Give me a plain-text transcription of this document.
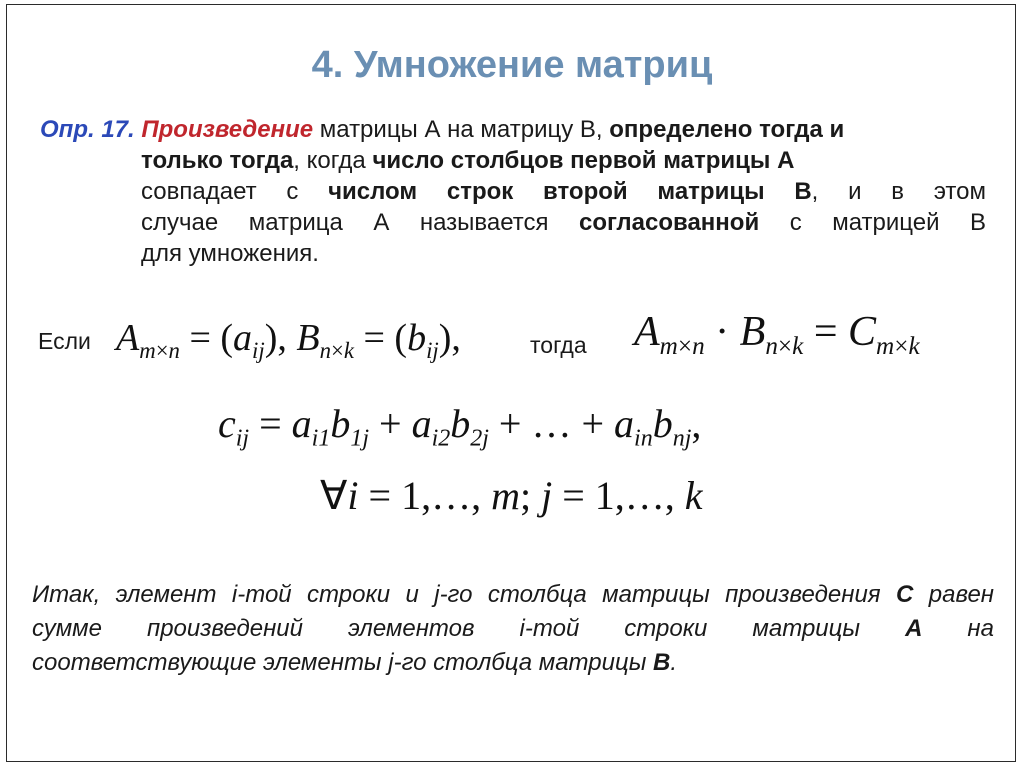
4. Умножение матриц
Опр. 17. Произведение матрицы А на матрицу В, определено тогда и
только тогда, когда число столбцов первой матрицы А
совпадает с числом строк второй матрицы В, и в этом
случае матрица А называется согласованной с матрицей В
для умножения.
Если $A_{m\times n} = (a_{ij})$, $B_{n\times k} = (b_{ij})$,	тогда $A_{m\times n} \cdot B_{n\times k} = C_{m\times k}$
$c_{ij} = a_{i1}b_{1j} + a_{i2}b_{2j}$ + … + $a_{in}b_{nj}$,
∀i = 1,…, m; j = 1,…, k
Итак, элемент i-той строки и j-го столбца матрицы произведения С равен
сумме произведений элементов i-той строки матрицы А на
соответствующие элементы j-го столбца матрицы В.
